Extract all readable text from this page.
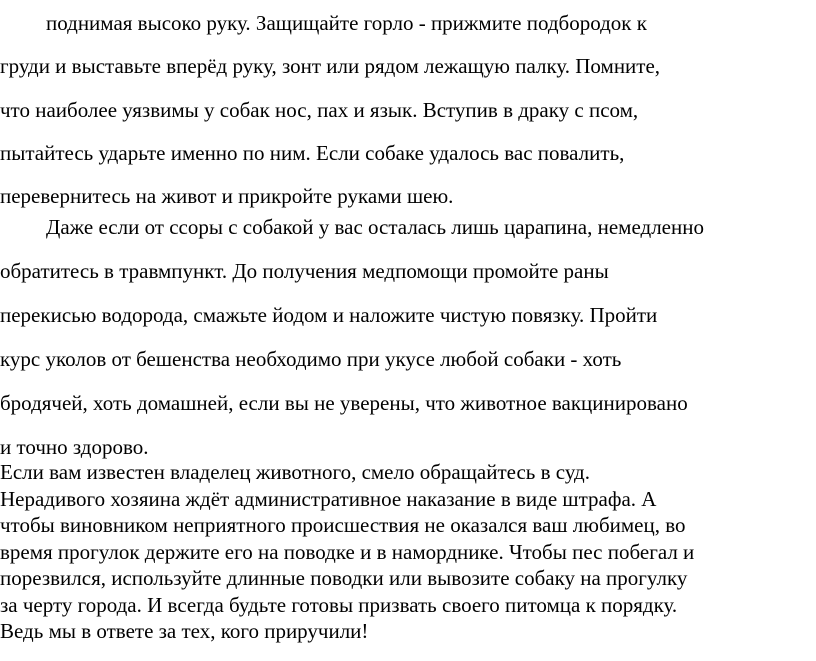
поднимая высоко руку. Защищайте горло - прижмите подбородок к
груди и выставьте вперёд руку, зонт или рядом лежащую палку. Помните,
что наиболее уязвимы у собак нос, пах и язык. Вступив в драку с псом,
пытайтесь ударьте именно по ним. Если собаке удалось вас повалить,
перевернитесь на живот и прикройте руками шею.

Даже если от ссоры с собакой у вас осталась лишь царапина, немедленно
обратитесь в травмпункт. До получения медпомощи промойте раны
перекисью водорода, смажьте йодом и наложите чистую повязку. Пройти
курс уколов от бешенства необходимо при укусе любой собаки - хоть
бродячей, хоть домашней, если вы не уверены, что животное вакцинировано
и точно здорово.

Если вам известен владелец животного, смело обращайтесь в суд.
Нерадивого хозяина ждёт административное наказание в виде штрафа. А
чтобы виновником неприятного происшествия не оказался ваш любимец, во
время прогулок держите его на поводке и в наморднике. Чтобы пес побегал и
порезвился, используйте длинные поводки или вывозите собаку на прогулку
за черту города. И всегда будьте готовы призвать своего питомца к порядку.
Ведь мы в ответе за тех, кого приручили!
